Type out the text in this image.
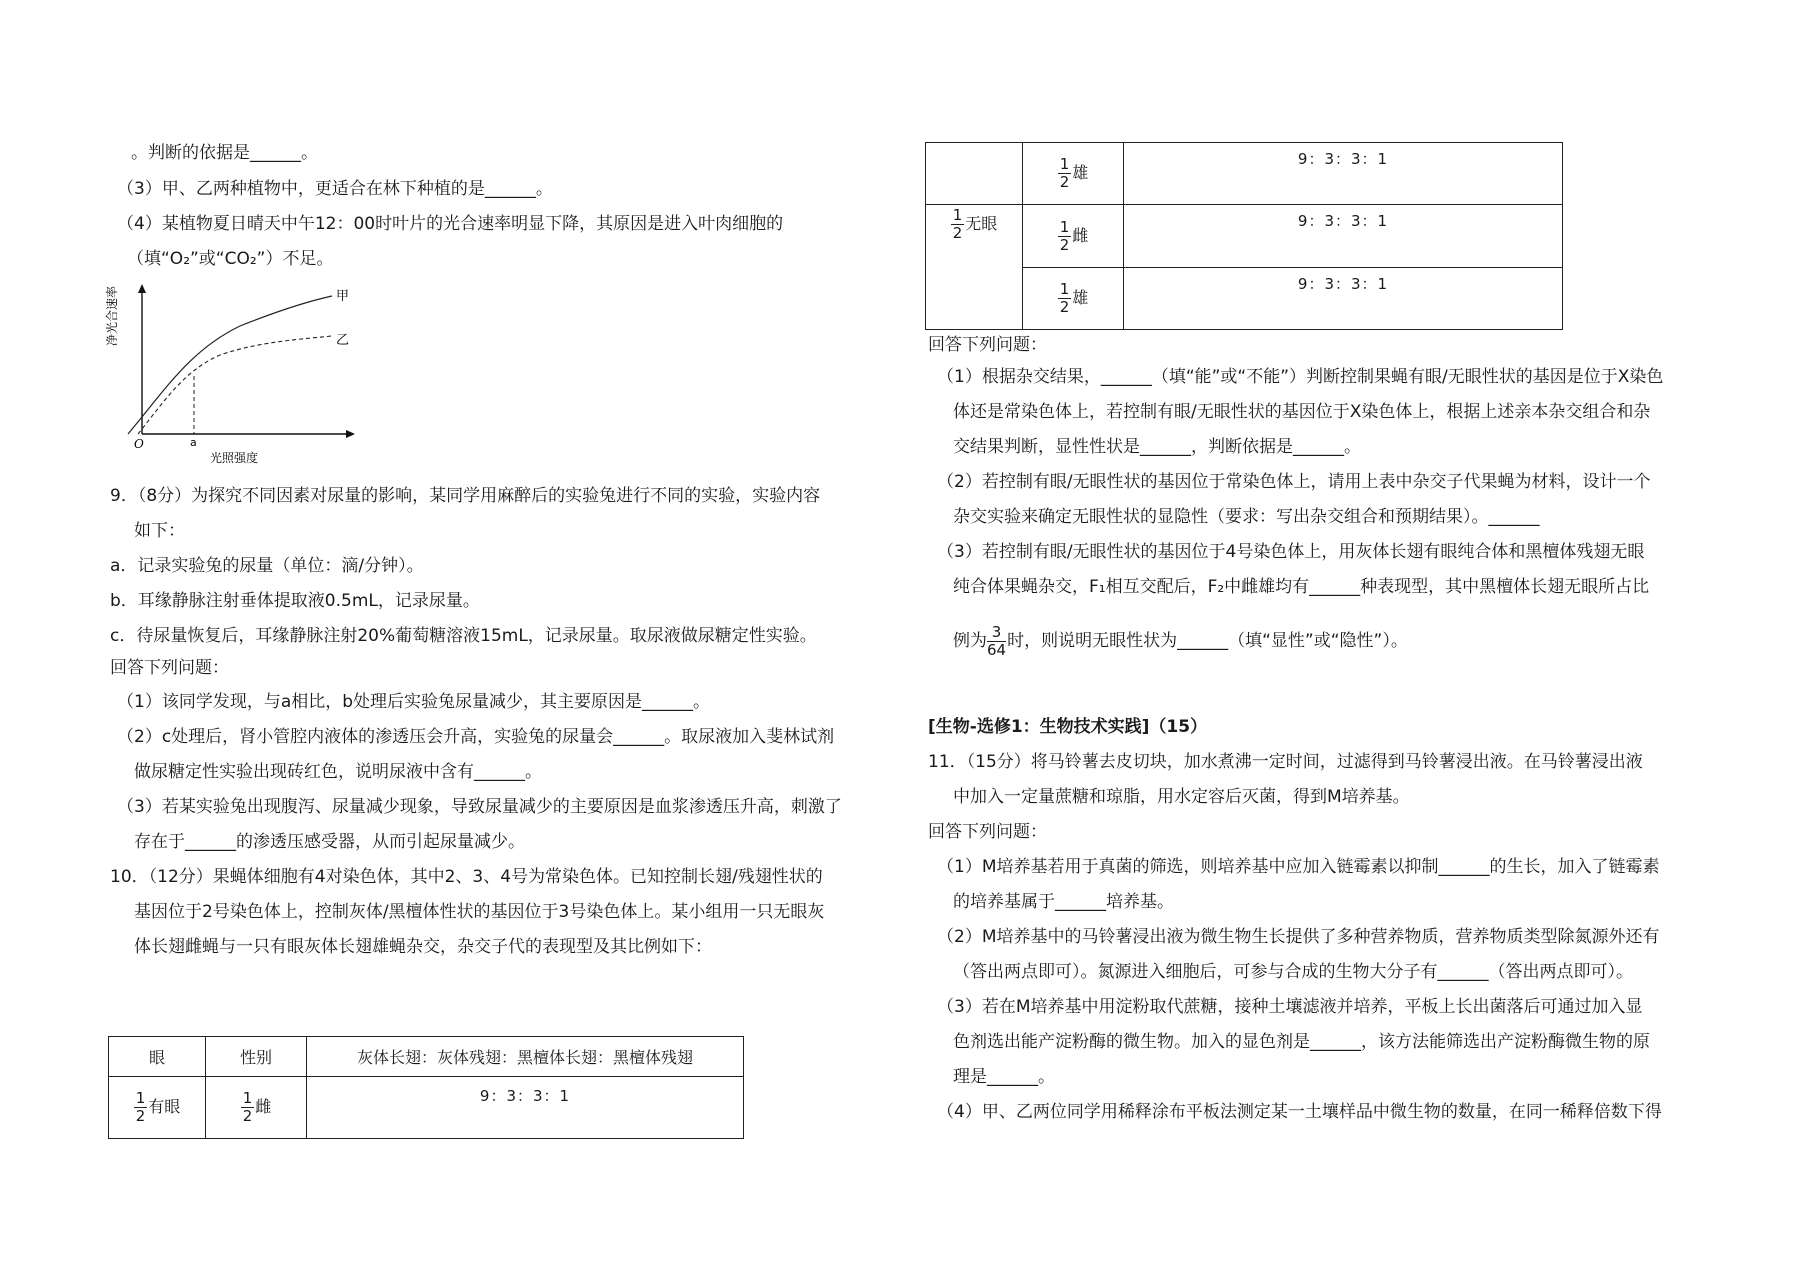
。判断的依据是______。
（3）甲、乙两种植物中，更适合在林下种植的是______。
（4）某植物夏日晴天中午12：00时叶片的光合速率明显下降，其原因是进入叶肉细胞的
（填“O₂”或“CO₂”）不足。
净光合速率
O	a
光照强度
甲
乙
9．（8分）为探究不同因素对尿量的影响，某同学用麻醉后的实验兔进行不同的实验，实验内容
如下：
a．记录实验兔的尿量（单位：滴/分钟）。
b．耳缘静脉注射垂体提取液0.5mL，记录尿量。
c．待尿量恢复后，耳缘静脉注射20%葡萄糖溶液15mL，记录尿量。取尿液做尿糖定性实验。
回答下列问题：
（1）该同学发现，与a相比，b处理后实验兔尿量减少，其主要原因是______。
（2）c处理后，肾小管腔内液体的渗透压会升高，实验兔的尿量会______。取尿液加入斐林试剂
做尿糖定性实验出现砖红色，说明尿液中含有______。
（3）若某实验兔出现腹泻、尿量减少现象，导致尿量减少的主要原因是血浆渗透压升高，刺激了
存在于______的渗透压感受器，从而引起尿量减少。
10．（12分）果蝇体细胞有4对染色体，其中2、3、4号为常染色体。已知控制长翅/残翅性状的
基因位于2号染色体上，控制灰体/黑檀体性状的基因位于3号染色体上。某小组用一只无眼灰
体长翅雌蝇与一只有眼灰体长翅雄蝇杂交，杂交子代的表现型及其比例如下：
眼	性别	灰体长翅：灰体残翅：黑檀体长翅：黑檀体残翅

$\frac{1}{2}$ 有眼	$\frac{1}{2}$ 雌	9：3：3：1

	$\frac{1}{2}$ 雄	9：3：3：1

$\frac{1}{2}$ 无眼	$\frac{1}{2}$ 雌	9：3：3：1

	$\frac{1}{2}$ 雄	9：3：3：1
回答下列问题：
（1）根据杂交结果，______（填“能”或“不能”）判断控制果蝇有眼/无眼性状的基因是位于X染色
体还是常染色体上，若控制有眼/无眼性状的基因位于X染色体上，根据上述亲本杂交组合和杂
交结果判断，显性性状是______，判断依据是______。
（2）若控制有眼/无眼性状的基因位于常染色体上，请用上表中杂交子代果蝇为材料，设计一个
杂交实验来确定无眼性状的显隐性（要求：写出杂交组合和预期结果）。______
（3）若控制有眼/无眼性状的基因位于4号染色体上，用灰体长翅有眼纯合体和黑檀体残翅无眼
纯合体果蝇杂交，F₁相互交配后，F₂中雌雄均有______种表现型，其中黑檀体长翅无眼所占比
例为 $\frac{3}{64}$ 时，则说明无眼性状为______（填“显性”或“隐性”）。
[生物-选修1：生物技术实践]（15）
11．（15分）将马铃薯去皮切块，加水煮沸一定时间，过滤得到马铃薯浸出液。在马铃薯浸出液
中加入一定量蔗糖和琼脂，用水定容后灭菌，得到M培养基。
回答下列问题：
（1）M培养基若用于真菌的筛选，则培养基中应加入链霉素以抑制______的生长，加入了链霉素
的培养基属于______培养基。
（2）M培养基中的马铃薯浸出液为微生物生长提供了多种营养物质，营养物质类型除氮源外还有
（答出两点即可）。氮源进入细胞后，可参与合成的生物大分子有______（答出两点即可）。
（3）若在M培养基中用淀粉取代蔗糖，接种土壤滤液并培养，平板上长出菌落后可通过加入显
色剂选出能产淀粉酶的微生物。加入的显色剂是______，该方法能筛选出产淀粉酶微生物的原
理是______。
（4）甲、乙两位同学用稀释涂布平板法测定某一土壤样品中微生物的数量，在同一稀释倍数下得
